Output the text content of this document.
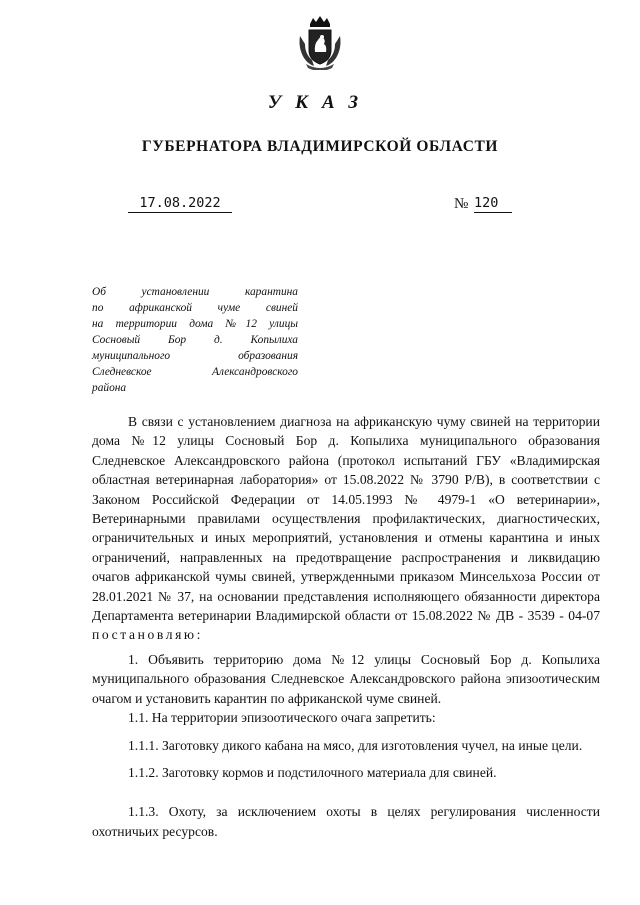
УКАЗ
ГУБЕРНАТОРА ВЛАДИМИРСКОЙ ОБЛАСТИ
17.08.2022	№ 120
Об установлении карантина
по африканской чуме свиней
на территории дома №12 улицы
Сосновый Бор д. Копылиха
муниципального образования
Следневское Александровского
района

В связи с установлением диагноза на африканскую чуму свиней на территории дома №12 улицы Сосновый Бор д. Копылиха муниципального образования Следневское Александровского района (протокол испытаний ГБУ «Владимирская областная ветеринарная лаборатория» от 15.08.2022 № 3790 Р/В), в соответствии с Законом Российской Федерации от 14.05.1993 № 4979-1 «О ветеринарии», Ветеринарными правилами осуществления профилактических, диагностических, ограничительных и иных мероприятий, установления и отмены карантина и иных ограничений, направленных на предотвращение распространения и ликвидацию очагов африканской чумы свиней, утвержденными приказом Минсельхоза России от 28.01.2021 № 37, на основании представления исполняющего обязанности директора Департамента ветеринарии Владимирской области от 15.08.2022 № ДВ - 3539 - 04-07 постановляю:

1. Объявить территорию дома №12 улицы Сосновый Бор д. Копылиха муниципального образования Следневское Александровского района эпизоотическим очагом и установить карантин по африканской чуме свиней.

1.1. На территории эпизоотического очага запретить:

1.1.1. Заготовку дикого кабана на мясо, для изготовления чучел, на иные цели.

1.1.2. Заготовку кормов и подстилочного материала для свиней.

1.1.3. Охоту, за исключением охоты в целях регулирования численности охотничьих ресурсов.
